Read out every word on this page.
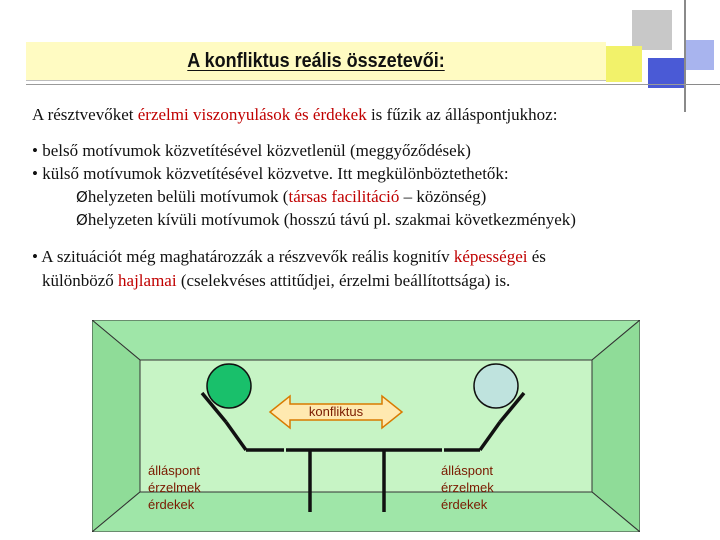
A konfliktus reális összetevői:
A résztvevőket érzelmi viszonyulások és érdekek is fűzik az álláspontjukhoz:
• belső motívumok közvetítésével közvetlenül (meggyőződések)
• külső motívumok közvetítésével közvetve. Itt megkülönböztethetők:
Øhelyzeten belüli motívumok (társas facilitáció – közönség)
Øhelyzeten kívüli motívumok (hosszú távú pl. szakmai következmények)
• A szituációt még maghatározzák a részvevők reális kognitív képességei és
különböző hajlamai (cselekvéses attitűdjei, érzelmi beállítottsága) is.
konfliktus
álláspont
érzelmek
érdekek
álláspont
érzelmek
érdekek
